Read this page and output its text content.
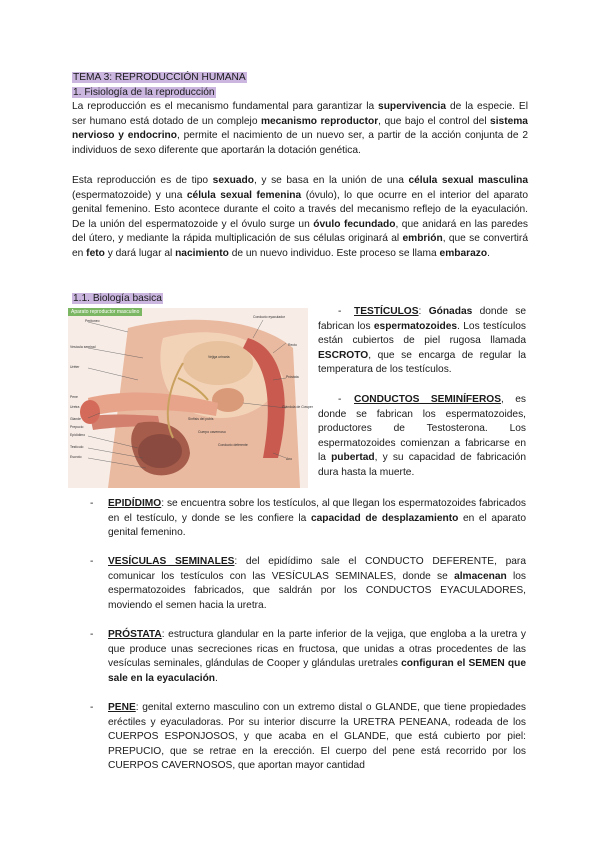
TEMA 3: REPRODUCCIÓN HUMANA
1. Fisiología de la reproducción

La reproducción es el mecanismo fundamental para garantizar la supervivencia de la especie. El ser humano está dotado de un complejo mecanismo reproductor, que bajo el control del sistema nervioso y endocrino, permite el nacimiento de un nuevo ser, a partir de la acción conjunta de 2 individuos de sexo diferente que aportarán la dotación genética.

Esta reproducción es de tipo sexuado, y se basa en la unión de una célula sexual masculina (espermatozoide) y una célula sexual femenina (óvulo), lo que ocurre en el interior del aparato genital femenino. Esto acontece durante el coito a través del mecanismo reflejo de la eyaculación. De la unión del espermatozoide y el óvulo surge un óvulo fecundado, que anidará en las paredes del útero, y mediante la rápida multiplicación de sus células originará al embrión, que se convertirá en feto y dará lugar al nacimiento de un nuevo individuo. Este proceso se llama embarazo.

1.1. Biología basica
Peritoneo
Vesícula seminal	Recto
Uréter
Conducto eyaculador
Próstata
Uretra
Epidídimo
Testículo
Escroto
Glande
Prepucio
Pene
Cuerpo cavernoso
Conducto deferente
Vejiga urinaria
Sínfisis del pubis
Glándula de Cowper
Ano
Aparato reproductor masculino	-	TESTÍCULOS: Gónadas donde se fabrican los espermatozoides. Los testículos están cubiertos de piel rugosa llamada ESCROTO, que se encarga de regular la temperatura de los testículos.

-	CONDUCTOS SEMINÍFEROS, es donde se fabrican los espermatozoides, productores de Testosterona. Los espermatozoides comienzan a fabricarse en la pubertad, y su capacidad de fabricación dura hasta la muerte.

- EPIDÍDIMO: se encuentra sobre los testículos, al que llegan los espermatozoides fabricados en el testículo, y donde se les confiere la capacidad de desplazamiento en el aparato genital femenino.

- VESÍCULAS SEMINALES: del epidídimo sale el CONDUCTO DEFERENTE, para comunicar los testículos con las VESÍCULAS SEMINALES, donde se almacenan los espermatozoides fabricados, que saldrán por los CONDUCTOS EYACULADORES, moviendo el semen hacia la uretra.

- PRÓSTATA: estructura glandular en la parte inferior de la vejiga, que engloba a la uretra y que produce unas secreciones ricas en fructosa, que unidas a otras procedentes de las vesículas seminales, glándulas de Cooper y glándulas uretrales configuran el SEMEN que sale en la eyaculación.

- PENE: genital externo masculino con un extremo distal o GLANDE, que tiene propiedades eréctiles y eyaculadoras. Por su interior discurre la URETRA PENEANA, rodeada de los CUERPOS ESPONJOSOS, y que acaba en el GLANDE, que está cubierto por piel: PREPUCIO, que se retrae en la erección. El cuerpo del pene está recorrido por los CUERPOS CAVERNOSOS, que aportan mayor cantidad
